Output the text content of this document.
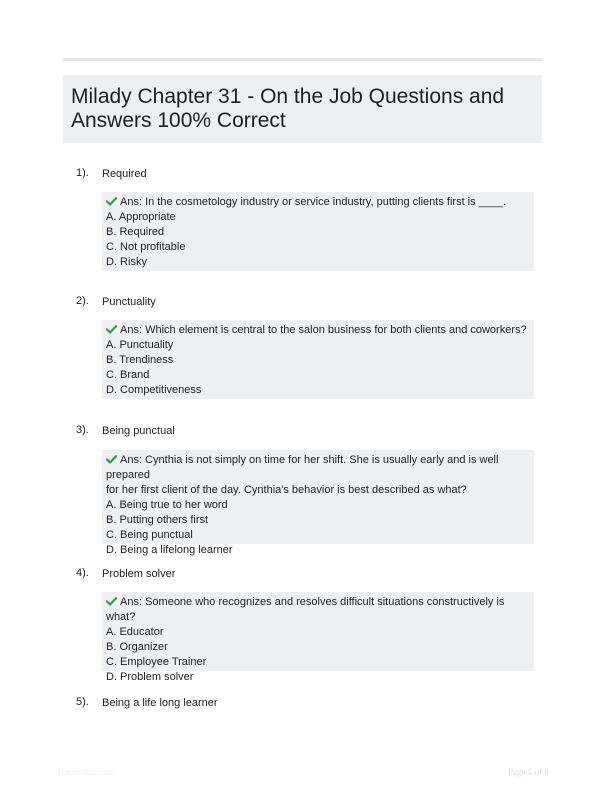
Milady Chapter 31 - On the Job Questions and Answers 100% Correct
1). Required

Ans: In the cosmetology industry or service industry, putting clients first is ____.

A. Appropriate

B. Required

C. Not profitable

D. Risky

2). Punctuality

Ans: Which element is central to the salon business for both clients and coworkers?

A. Punctuality

B. Trendiness

C. Brand

D. Competitiveness

3). Being punctual

Ans: Cynthia is not simply on time for her shift. She is usually early and is well prepared

for her first client of the day. Cynthia's behavior is best described as what?

A. Being true to her word

B. Putting others first

C. Being punctual

D. Being a lifelong learner

4). Problem solver

Ans: Someone who recognizes and resolves difficult situations constructively is what?

A. Educator

B. Organizer

C. Employee Trainer

D. Problem solver

5). Being a life long learner
Paperlibb.com	Page 1 of 6
